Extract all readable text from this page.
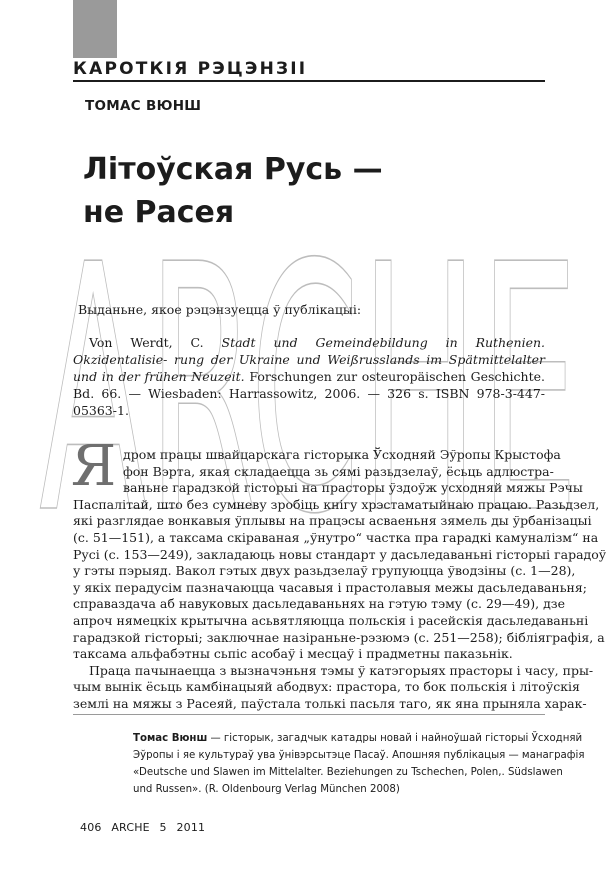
КАРОТКІЯ РЭЦЭНЗІІ
ТОМАС ВЮНШ
Літоўская Русь —
не Расея
ARCHE
Выданьне, якое рэцэнзуецца ў публікацыі:

Von Werdt, C. Stadt und Gemeindebildung in Ruthenien. Okzidentalisie- rung der Ukraine und Weißrusslands im Spätmittelalter und in der frühen Neuzeit. Forschungen zur osteuropäischen Geschichte. Bd. 66. — Wiesbaden: Harrassowitz, 2006. — 326 s. ISBN 978-3-447-05363-1.

Я дром працы швайцарскага гісторыка Ўсходняй Эўропы Крыстофа
фон Вэрта, якая складаецца зь сямі разьдзелаў, ёсьць адлюстра-
ваньне гарадзкой гісторыі на прасторы ўздоўж усходняй мяжы Рэчы
Паспалітай, што без сумневу зробіць кнігу хрэстаматыйнаю працаю. Разьдзел,
які разглядае вонкавыя ўплывы на працэсы асваеньня зямель ды ўрбанізацыі
(с. 51—151), а таксама скіраваная „ўнутро“ частка пра гарадкі камуналізм“ на
Русі (с. 153—249), закладаюць новы стандарт у дасьледаваньні гісторыі гарадоў
у гэты пэрыяд. Вакол гэтых двух разьдзелаў групуюцца ўводзіны (с. 1—28),
у якіх перадусім пазначаюцца часавыя і прастолавыя межы дасьледаваньня;
справаздача аб навуковых дасьледаваньнях на гэтую тэму (с. 29—49), дзе
апроч нямецкіх крытычна асьвятляюцца польскія і расейскія дасьледаваньні
гарадзкой гісторыі; заключнае назіраньне-рэзюмэ (с. 251—258); бібліяграфія, а
таксама альфабэтны сьпіс асобаў і месцаў і прадметны паказьнік.
Праца пачынаецца з вызначэньня тэмы ў катэгорыях прасторы і часу, пры-
чым вынік ёсьць камбінацыяй абодвух: прастора, то бок польскія і літоўскія
землі на мяжы з Расеяй, паўстала толькі пасьля таго, як яна прыняла харак-
Томас Вюнш — гісторык, загадчык катадры новай і найноўшай гісторыі Ўсходняй
Эўропы і яе культураў ува ўнівэрсытэце Пасаў. Апошняя публікацыя — манаграфія
«Deutsche und Slawen im Mittelalter. Beziehungen zu Tschechen, Polen,. Südslawen
und Russen». (R. Oldenbourg Verlag München 2008)
406 ARCHE 5 2011
